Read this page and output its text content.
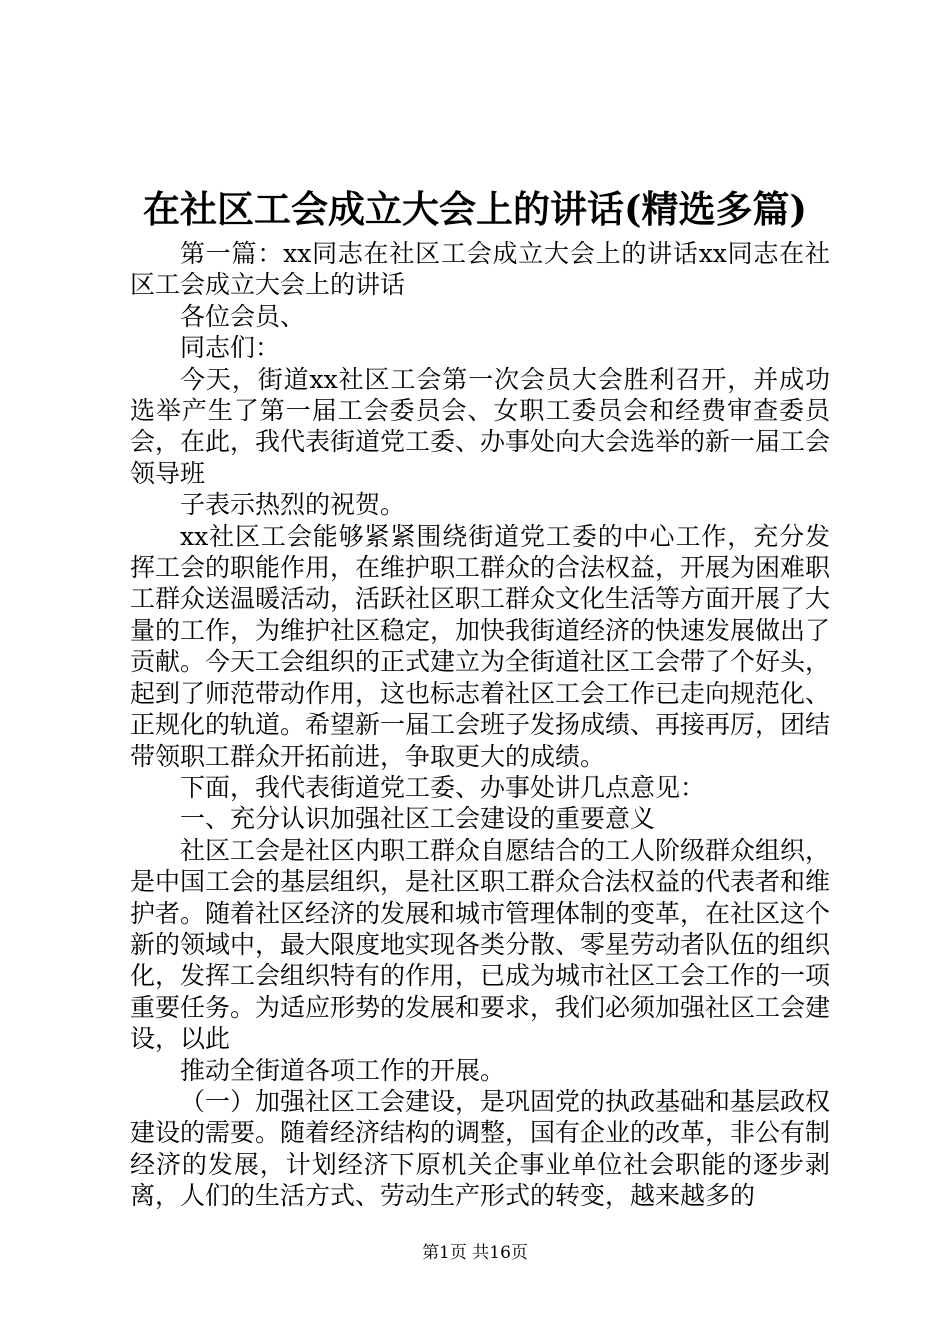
在社区工会成立大会上的讲话(精选多篇)

第一篇：xx同志在社区工会成立大会上的讲话xx同志在社区工会成立大会上的讲话

各位会员、

同志们：

今天，街道xx社区工会第一次会员大会胜利召开，并成功选举产生了第一届工会委员会、女职工委员会和经费审查委员会，在此，我代表街道党工委、办事处向大会选举的新一届工会领导班

子表示热烈的祝贺。

xx社区工会能够紧紧围绕街道党工委的中心工作，充分发挥工会的职能作用，在维护职工群众的合法权益，开展为困难职工群众送温暖活动，活跃社区职工群众文化生活等方面开展了大量的工作，为维护社区稳定，加快我街道经济的快速发展做出了贡献。今天工会组织的正式建立为全街道社区工会带了个好头，起到了师范带动作用，这也标志着社区工会工作已走向规范化、正规化的轨道。希望新一届工会班子发扬成绩、再接再厉，团结带领职工群众开拓前进，争取更大的成绩。

下面，我代表街道党工委、办事处讲几点意见：

一、充分认识加强社区工会建设的重要意义

社区工会是社区内职工群众自愿结合的工人阶级群众组织，是中国工会的基层组织，是社区职工群众合法权益的代表者和维护者。随着社区经济的发展和城市管理体制的变革，在社区这个新的领域中，最大限度地实现各类分散、零星劳动者队伍的组织化，发挥工会组织特有的作用，已成为城市社区工会工作的一项重要任务。为适应形势的发展和要求，我们必须加强社区工会建设，以此

推动全街道各项工作的开展。

（一）加强社区工会建设，是巩固党的执政基础和基层政权建设的需要。随着经济结构的调整，国有企业的改革，非公有制经济的发展，计划经济下原机关企事业单位社会职能的逐步剥离，人们的生活方式、劳动生产形式的转变，越来越多的

第1页 共16页
